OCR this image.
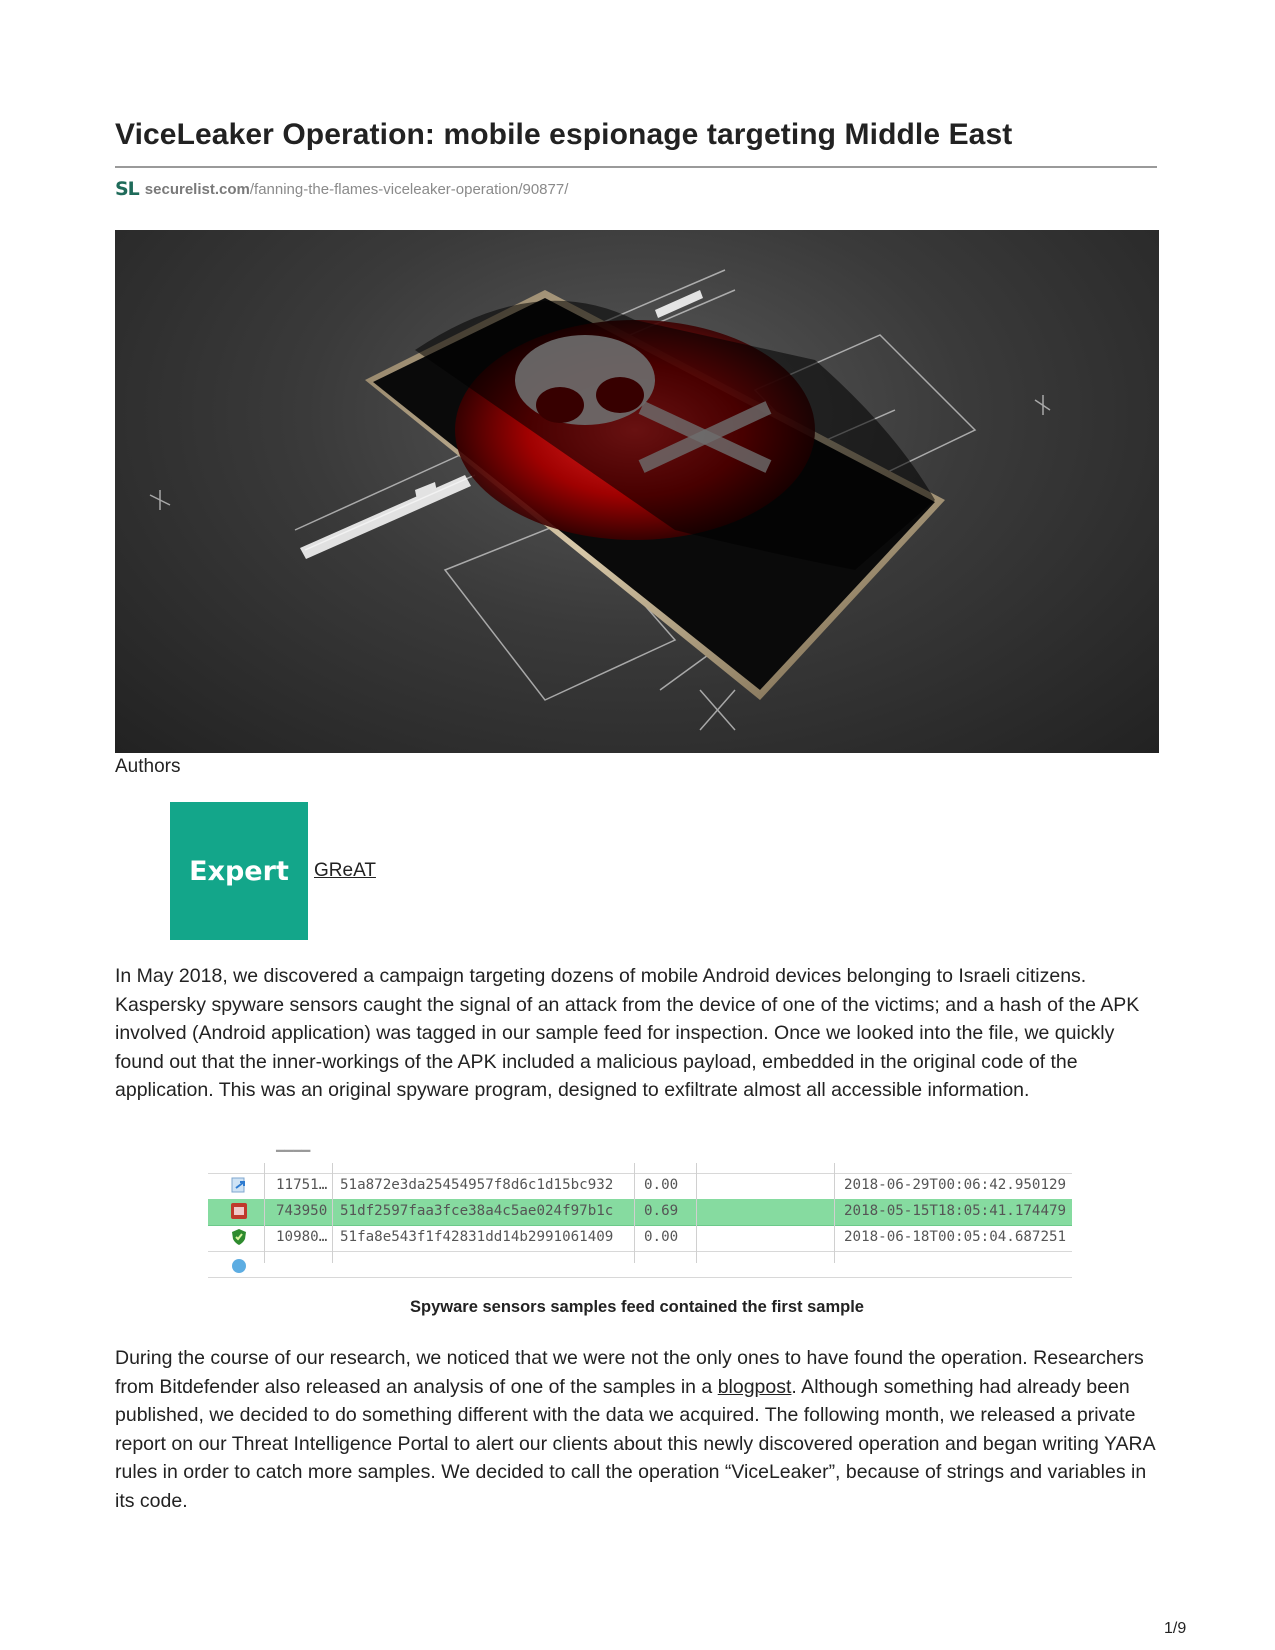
ViceLeaker Operation: mobile espionage targeting Middle East
SL securelist.com /fanning-the-flames-viceleaker-operation/90877/
Authors
Expert GReAT

In May 2018, we discovered a campaign targeting dozens of mobile Android devices belonging to Israeli citizens. Kaspersky spyware sensors caught the signal of an attack from the device of one of the victims; and a hash of the APK involved (Android application) was tagged in our sample feed for inspection. Once we looked into the file, we quickly found out that the inner-workings of the APK included a malicious payload, embedded in the original code of the application. This was an original spyware program, designed to exfiltrate almost all accessible information.

▔▔▔▔
11751… 51a872e3da25454957f8d6c1d15bc932 0.00	2018-06-29T00:06:42.950129
743950 51df2597faa3fce38a4c5ae024f97b1c 0.69	2018-05-15T18:05:41.174479
10980… 51fa8e543f1f42831dd14b2991061409 0.00	2018-06-18T00:05:04.687251
Spyware sensors samples feed contained the first sample

During the course of our research, we noticed that we were not the only ones to have found the operation. Researchers from Bitdefender also released an analysis of one of the samples in a blogpost. Although something had already been published, we decided to do something different with the data we acquired. The following month, we released a private report on our Threat Intelligence Portal to alert our clients about this newly discovered operation and began writing YARA rules in order to catch more samples. We decided to call the operation “ViceLeaker”, because of strings and variables in its code.

1/9
